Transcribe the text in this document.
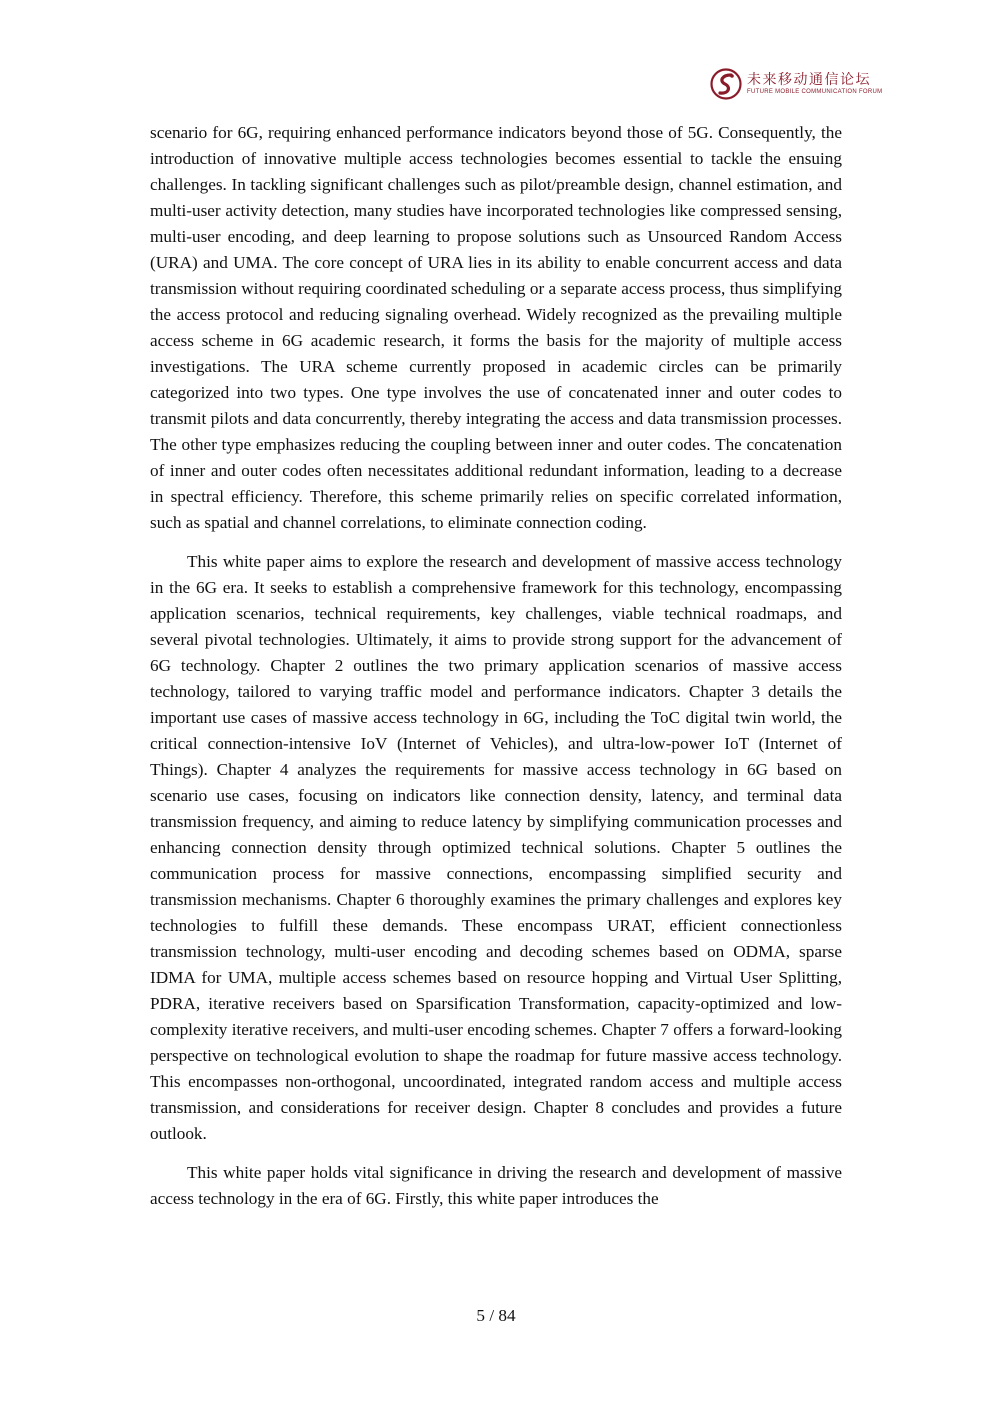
未来移动通信论坛
FUTURE MOBILE COMMUNICATION FORUM

scenario for 6G, requiring enhanced performance indicators beyond those of 5G. Consequently, the introduction of innovative multiple access technologies becomes essential to tackle the ensuing challenges. In tackling significant challenges such as pilot/preamble design, channel estimation, and multi-user activity detection, many studies have incorporated technologies like compressed sensing, multi-user encoding, and deep learning to propose solutions such as Unsourced Random Access (URA) and UMA. The core concept of URA lies in its ability to enable concurrent access and data transmission without requiring coordinated scheduling or a separate access process, thus simplifying the access protocol and reducing signaling overhead. Widely recognized as the prevailing multiple access scheme in 6G academic research, it forms the basis for the majority of multiple access investigations. The URA scheme currently proposed in academic circles can be primarily categorized into two types. One type involves the use of concatenated inner and outer codes to transmit pilots and data concurrently, thereby integrating the access and data transmission processes. The other type emphasizes reducing the coupling between inner and outer codes. The concatenation of inner and outer codes often necessitates additional redundant information, leading to a decrease in spectral efficiency. Therefore, this scheme primarily relies on specific correlated information, such as spatial and channel correlations, to eliminate connection coding.

This white paper aims to explore the research and development of massive access technology in the 6G era. It seeks to establish a comprehensive framework for this technology, encompassing application scenarios, technical requirements, key challenges, viable technical roadmaps, and several pivotal technologies. Ultimately, it aims to provide strong support for the advancement of 6G technology. Chapter 2 outlines the two primary application scenarios of massive access technology, tailored to varying traffic model and performance indicators. Chapter 3 details the important use cases of massive access technology in 6G, including the ToC digital twin world, the critical connection-intensive IoV (Internet of Vehicles), and ultra-low-power IoT (Internet of Things). Chapter 4 analyzes the requirements for massive access technology in 6G based on scenario use cases, focusing on indicators like connection density, latency, and terminal data transmission frequency, and aiming to reduce latency by simplifying communication processes and enhancing connection density through optimized technical solutions. Chapter 5 outlines the communication process for massive connections, encompassing simplified security and transmission mechanisms. Chapter 6 thoroughly examines the primary challenges and explores key technologies to fulfill these demands. These encompass URAT, efficient connectionless transmission technology, multi-user encoding and decoding schemes based on ODMA, sparse IDMA for UMA, multiple access schemes based on resource hopping and Virtual User Splitting, PDRA, iterative receivers based on Sparsification Transformation, capacity-optimized and low-complexity iterative receivers, and multi-user encoding schemes. Chapter 7 offers a forward-looking perspective on technological evolution to shape the roadmap for future massive access technology. This encompasses non-orthogonal, uncoordinated, integrated random access and multiple access transmission, and considerations for receiver design. Chapter 8 concludes and provides a future outlook.

This white paper holds vital significance in driving the research and development of massive access technology in the era of 6G. Firstly, this white paper introduces the

5 / 84
